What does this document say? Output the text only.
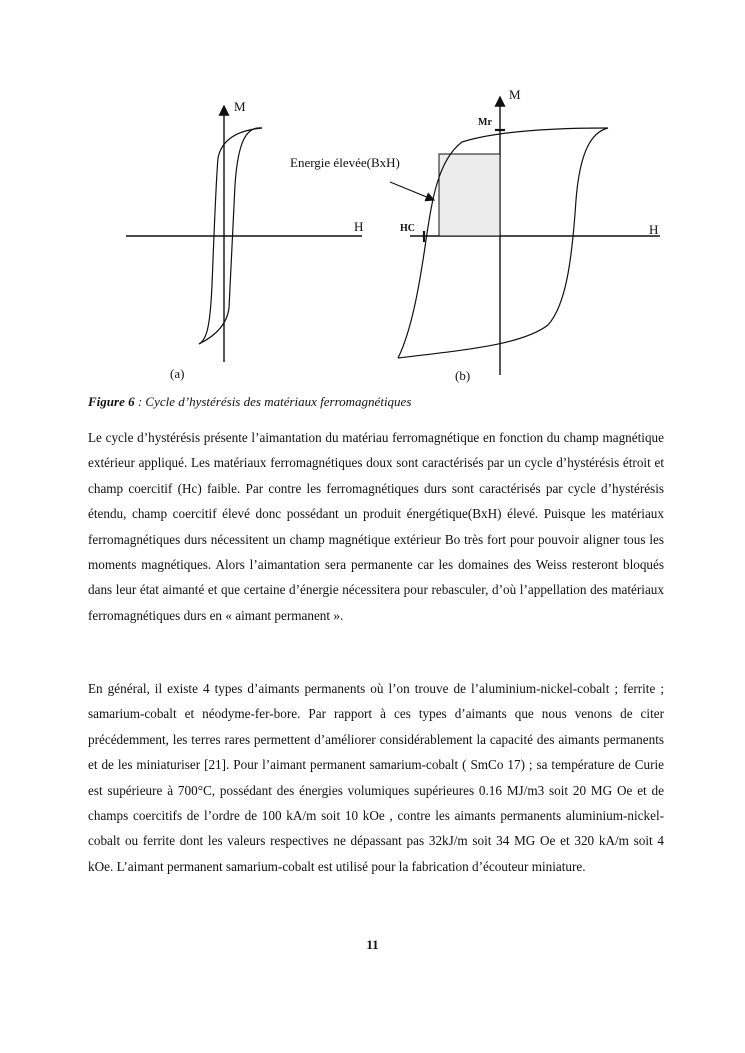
M
H
(a)
M
H
Mr
HC
Energie élevée(BxH)
(b)
Figure 6 : Cycle d’hystérésis des matériaux ferromagnétiques

Le cycle d’hystérésis présente l’aimantation du matériau ferromagnétique en fonction du champ magnétique extérieur appliqué. Les matériaux ferromagnétiques doux sont caractérisés par un cycle d’hystérésis étroit et champ coercitif (Hc) faible. Par contre les ferromagnétiques durs sont caractérisés par cycle d’hystérésis étendu, champ coercitif élevé donc possédant un produit énergétique(BxH) élevé. Puisque les matériaux ferromagnétiques durs nécessitent un champ magnétique extérieur Bo très fort pour pouvoir aligner tous les moments magnétiques. Alors l’aimantation sera permanente car les domaines des Weiss resteront bloqués dans leur état aimanté et que certaine d’énergie nécessitera pour rebasculer, d’où l’appellation des matériaux ferromagnétiques durs en « aimant permanent ».

En général, il existe 4 types d’aimants permanents où l’on trouve de l’aluminium-nickel-cobalt ; ferrite ; samarium-cobalt et néodyme-fer-bore. Par rapport à ces types d’aimants que nous venons de citer précédemment, les terres rares permettent d’améliorer considérablement la capacité des aimants permanents et de les miniaturiser [21]. Pour l’aimant permanent samarium-cobalt ( SmCo 17) ; sa température de Curie est supérieure à 700°C, possédant des énergies volumiques supérieures 0.16 MJ/m3 soit 20 MG Oe et de champs coercitifs de l’ordre de 100 kA/m soit 10 kOe , contre les aimants permanents aluminium-nickel-cobalt ou ferrite dont les valeurs respectives ne dépassant pas 32kJ/m soit 34 MG Oe et 320 kA/m soit 4 kOe. L’aimant permanent samarium-cobalt est utilisé pour la fabrication d’écouteur miniature.

11
